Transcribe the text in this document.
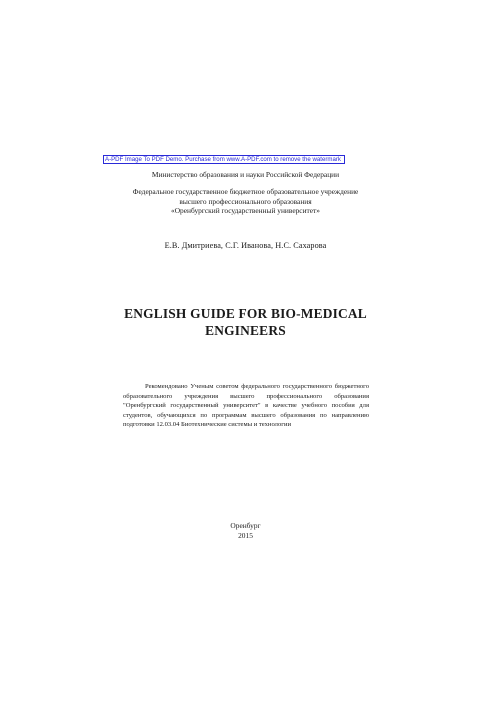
A-PDF Image To PDF Demo. Purchase from www.A-PDF.com to remove the watermark
Министерство образования и науки Российской Федерации
Федеральное государственное бюджетное образовательное учреждение
высшего профессионального образования
«Оренбургский государственный университет»
Е.В. Дмитриева, С.Г. Иванова, Н.С. Сахарова
ENGLISH GUIDE FOR BIO-MEDICAL
ENGINEERS
Рекомендовано Ученым советом федерального государственного бюджетного
образовательного учреждения высшего профессионального образования
"Оренбургский государственный университет" в качестве учебного пособия для
студентов, обучающихся по программам высшего образования по направлению
подготовки 12.03.04 Биотехнические системы и технологии
Оренбург
2015
